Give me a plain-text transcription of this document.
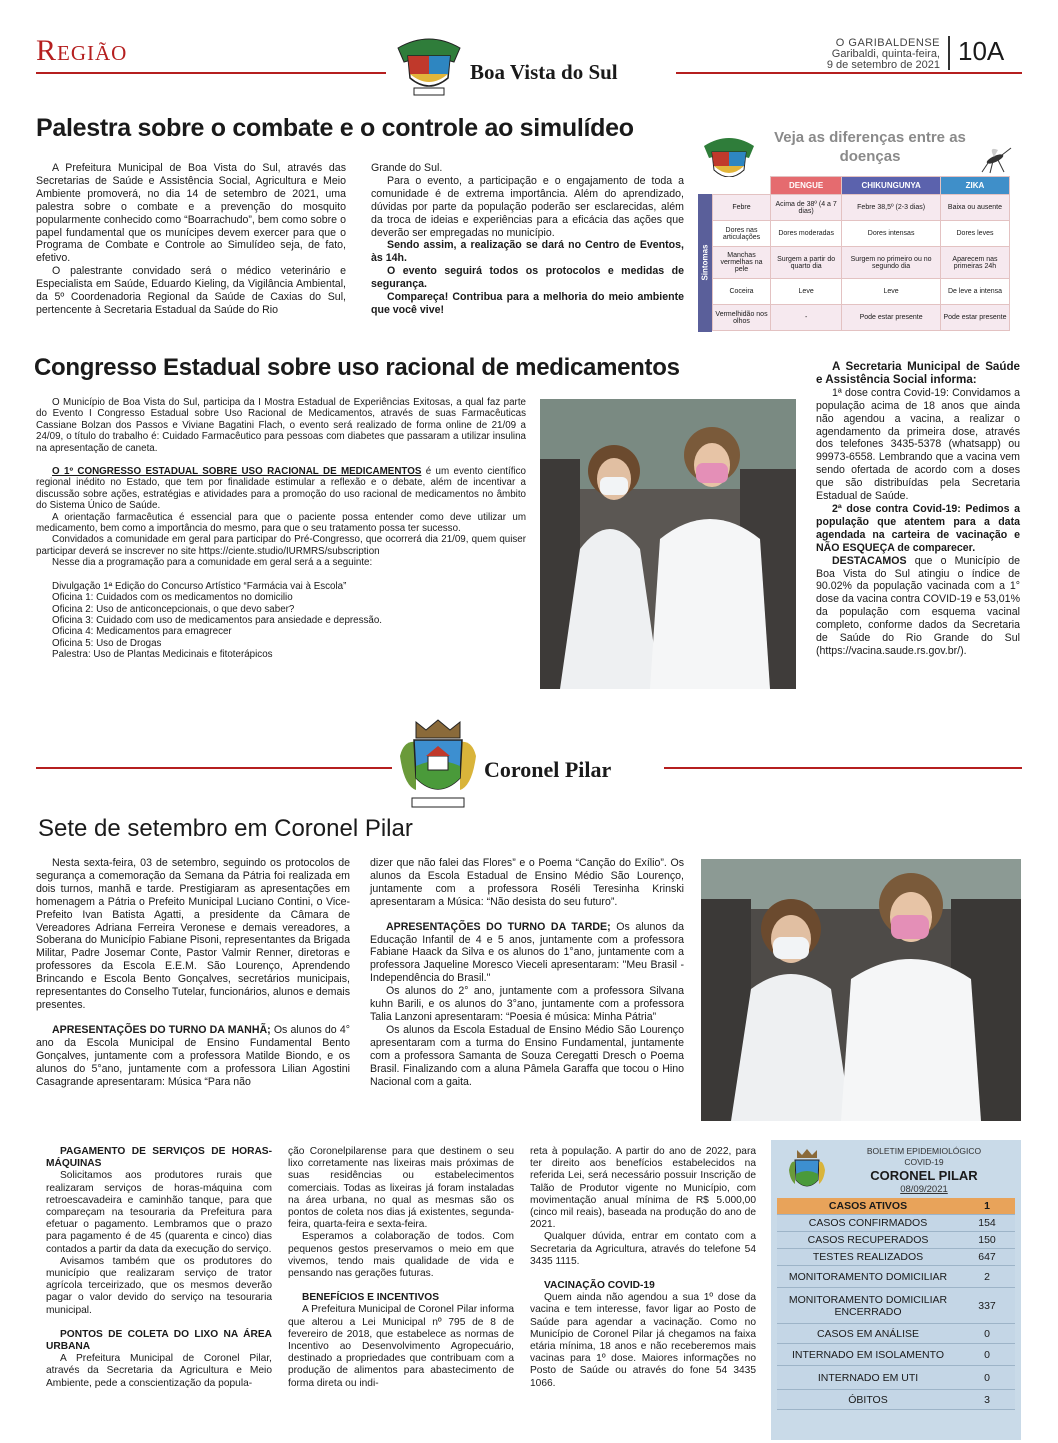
Região
Boa Vista do Sul
O GARIBALDENSE
Garibaldi, quinta-feira,
9 de setembro de 2021 10A
Palestra sobre o combate e o controle ao simulídeo

A Prefeitura Municipal de Boa Vista do Sul, através das Secretarias de Saúde e Assistência Social, Agricultura e Meio Ambiente promoverá, no dia 14 de setembro de 2021, uma palestra sobre o combate e a prevenção do mosquito popularmente conhecido como “Boarrachudo”, bem como sobre o papel fundamental que os munícipes devem exercer para que o Programa de Combate e Controle ao Simulídeo seja, de fato, efetivo.

O palestrante convidado será o médico veterinário e Especialista em Saúde, Eduardo Kieling, da Vigilância Ambiental, da 5º Coordenadoria Regional da Saúde de Caxias do Sul, pertencente à Secretaria Estadual da Saúde do Rio

Grande do Sul.

Para o evento, a participação e o engajamento de toda a comunidade é de extrema importância. Além do aprendizado, dúvidas por parte da população poderão ser esclarecidas, além da troca de ideias e experiências para a eficácia das ações que deverão ser empregadas no município.

Sendo assim, a realização se dará no Centro de Eventos, às 14h.

O evento seguirá todos os protocolos e medidas de segurança.

Compareça! Contribua para a melhoria do meio ambiente que você vive!

Veja as diferenças entre as doenças
Sintomas
	DENGUE	CHIKUNGUNYA	ZIKA
Febre	Acima de 38º (4 a 7 dias)	Febre 38,5º (2-3 dias)	Baixa ou ausente
Dores nas articulações	Dores moderadas	Dores intensas	Dores leves
Manchas vermelhas na pele	Surgem a partir do quarto dia	Surgem no primeiro ou no segundo dia	Aparecem nas primeiras 24h
Coceira	Leve	Leve	De leve a intensa
Vermelhidão nos olhos	-	Pode estar presente	Pode estar presente
Congresso Estadual sobre uso racional de medicamentos

O Município de Boa Vista do Sul, participa da I Mostra Estadual de Experiências Exitosas, a qual faz parte do Evento I Congresso Estadual sobre Uso Racional de Medicamentos, através de suas Farmacêuticas Cassiane Bolzan dos Passos e Viviane Bagatini Flach, o evento será realizado de forma online de 21/09 a 24/09, o título do trabalho é: Cuidado Farmacêutico para pessoas com diabetes que passaram a utilizar insulina na apresentação de caneta.

O 1º CONGRESSO ESTADUAL SOBRE USO RACIONAL DE MEDICAMENTOS é um evento científico regional inédito no Estado, que tem por finalidade estimular a reflexão e o debate, além de incentivar a discussão sobre ações, estratégias e atividades para a promoção do uso racional de medicamentos no âmbito do Sistema Único de Saúde.

A orientação farmacêutica é essencial para que o paciente possa entender como deve utilizar um medicamento, bem como a importância do mesmo, para que o seu tratamento possa ter sucesso.

Convidados a comunidade em geral para participar do Pré-Congresso, que ocorrerá dia 21/09, quem quiser participar deverá se inscrever no site https://ciente.studio/IURMRS/subscription

Nesse dia a programação para a comunidade em geral será a a seguinte:

Divulgação 1ª Edição do Concurso Artístico “Farmácia vai à Escola”
Oficina 1: Cuidados com os medicamentos no domicilio
Oficina 2: Uso de anticoncepcionais, o que devo saber?
Oficina 3: Cuidado com uso de medicamentos para ansiedade e depressão.
Oficina 4: Medicamentos para emagrecer
Oficina 5: Uso de Drogas
Palestra: Uso de Plantas Medicinais e fitoterápicos
A Secretaria Municipal de Saúde e Assistência Social informa:

1ª dose contra Covid-19: Convidamos a população acima de 18 anos que ainda não agendou a vacina, a realizar o agendamento da primeira dose, através dos telefones 3435-5378 (whatsapp) ou 99973-6558. Lembrando que a vacina vem sendo ofertada de acordo com a doses que são distribuídas pela Secretaria Estadual de Saúde.

2ª dose contra Covid-19: Pedimos a população que atentem para a data agendada na carteira de vacinação e NÃO ESQUEÇA de comparecer.

DESTACAMOS que o Município de Boa Vista do Sul atingiu o índice de 90.02% da população vacinada com a 1° dose da vacina contra COVID-19 e 53,01% da população com esquema vacinal completo, conforme dados da Secretaria de Saúde do Rio Grande do Sul (https://vacina.saude.rs.gov.br/).

Coronel Pilar
Sete de setembro em Coronel Pilar

Nesta sexta-feira, 03 de setembro, seguindo os protocolos de segurança a comemoração da Semana da Pátria foi realizada em dois turnos, manhã e tarde. Prestigiaram as apresentações em homenagem a Pátria o Prefeito Municipal Luciano Contini, o Vice-Prefeito Ivan Batista Agatti, a presidente da Câmara de Vereadores Adriana Ferreira Veronese e demais vereadores, a Soberana do Município Fabiane Pisoni, representantes da Brigada Militar, Padre Josemar Conte, Pastor Valmir Renner, diretoras e professores da Escola E.E.M. São Lourenço, Aprendendo Brincando e Escola Bento Gonçalves, secretários municipais, representantes do Conselho Tutelar, funcionários, alunos e demais presentes.

APRESENTAÇÕES DO TURNO DA MANHÃ; Os alunos do 4° ano da Escola Municipal de Ensino Fundamental Bento Gonçalves, juntamente com a professora Matilde Biondo, e os alunos do 5°ano, juntamente com a professora Lilian Agostini Casagrande apresentaram: Música “Para não

dizer que não falei das Flores” e o Poema “Canção do Exílio”. Os alunos da Escola Estadual de Ensino Médio São Lourenço, juntamente com a professora Roséli Teresinha Krinski apresentaram a Música: “Não desista do seu futuro”.

APRESENTAÇÕES DO TURNO DA TARDE; Os alunos da Educação Infantil de 4 e 5 anos, juntamente com a professora Fabiane Haack da Silva e os alunos do 1°ano, juntamente com a professora Jaqueline Moresco Vieceli apresentaram: "Meu Brasil - Independência do Brasil."

Os alunos do 2° ano, juntamente com a professora Silvana kuhn Barili, e os alunos do 3°ano, juntamente com a professora Talia Lanzoni apresentaram: “Poesia é música: Minha Pátria”

Os alunos da Escola Estadual de Ensino Médio São Lourenço apresentaram com a turma do Ensino Fundamental, juntamente com a professora Samanta de Souza Ceregatti Dresch o Poema Brasil. Finalizando com a aluna Pâmela Garaffa que tocou o Hino Nacional com a gaita.

PAGAMENTO DE SERVIÇOS DE HORAS-MÁQUINAS

Solicitamos aos produtores rurais que realizaram serviços de horas-máquina com retroescavadeira e caminhão tanque, para que compareçam na tesouraria da Prefeitura para efetuar o pagamento. Lembramos que o prazo para pagamento é de 45 (quarenta e cinco) dias contados a partir da data da execução do serviço.

Avisamos também que os produtores do município que realizaram serviço de trator agrícola terceirizado, que os mesmos deverão pagar o valor devido do serviço na tesouraria municipal.

PONTOS DE COLETA DO LIXO NA ÁREA URBANA

A Prefeitura Municipal de Coronel Pilar, através da Secretaria da Agricultura e Meio Ambiente, pede a conscientização da popula-

ção Coronelpilarense para que destinem o seu lixo corretamente nas lixeiras mais próximas de suas residências ou estabelecimentos comerciais. Todas as lixeiras já foram instaladas na área urbana, no qual as mesmas são os pontos de coleta nos dias já existentes, segunda-feira, quarta-feira e sexta-feira.

Esperamos a colaboração de todos. Com pequenos gestos preservamos o meio em que vivemos, tendo mais qualidade de vida e pensando nas gerações futuras.

BENEFÍCIOS E INCENTIVOS

A Prefeitura Municipal de Coronel Pilar informa que alterou a Lei Municipal nº 795 de 8 de fevereiro de 2018, que estabelece as normas de Incentivo ao Desenvolvimento Agropecuário, destinado a propriedades que contribuam com a produção de alimentos para abastecimento de forma direta ou indi-

reta à população. A partir do ano de 2022, para ter direito aos benefícios estabelecidos na referida Lei, será necessário possuir Inscrição de Talão de Produtor vigente no Município, com movimentação anual mínima de R$ 5.000,00 (cinco mil reais), baseada na produção do ano de 2021.

Qualquer dúvida, entrar em contato com a Secretaria da Agricultura, através do telefone 54 3435 1115.

VACINAÇÃO COVID-19

Quem ainda não agendou a sua 1º dose da vacina e tem interesse, favor ligar ao Posto de Saúde para agendar a vacinação. Como no Município de Coronel Pilar já chegamos na faixa etária mínima, 18 anos e não receberemos mais vacinas para 1º dose. Maiores informações no Posto de Saúde ou através do fone 54 3435 1066.

BOLETIM EPIDEMIOLÓGICO
COVID-19
CORONEL PILAR
08/09/2021
CASOS ATIVOS	1
CASOS CONFIRMADOS	154
CASOS RECUPERADOS	150
TESTES REALIZADOS	647
MONITORAMENTO DOMICILIAR	2
MONITORAMENTO DOMICILIAR ENCERRADO	337
CASOS EM ANÁLISE	0
INTERNADO EM ISOLAMENTO	0
INTERNADO EM UTI	0
ÓBITOS	3
